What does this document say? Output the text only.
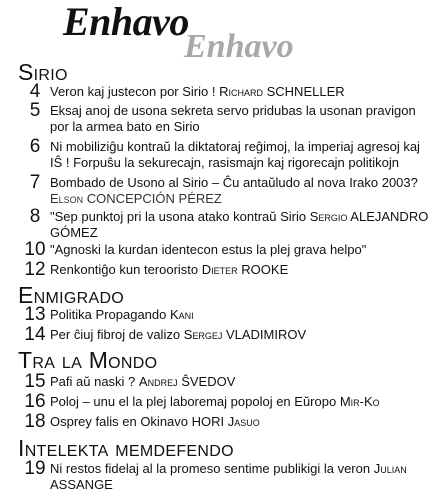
Enhavo
Enhavo
Sirio
4 Veron kaj justecon por Sirio ! Richard SCHNELLER
5 Eksaj anoj de usona sekreta servo pridubas la usonan pravigon por la armea bato en Sirio
6 Ni mobiliziĝu kontraŭ la diktatoraj reĝimoj, la imperiaj agresoj kaj IŜ ! Forpuŝu la sekurecajn, rasismajn kaj rigorecajn politikojn
7 Bombado de Usono al Sirio – Ĉu antaŭludo al nova Irako 2003?
Elson CONCEPCIÓN PÉREZ
8 "Sep punktoj pri la usona atako kontraŭ Sirio Sergio ALEJANDRO GÓMEZ
10 "Agnoski la kurdan identecon estus la plej grava helpo"
12 Renkontiĝo kun terooristo Dieter ROOKE
Enmigrado
13 Politika Propagando Kani
14 Per ĉiuj fibroj de valizo Sergej VLADIMIROV
Tra la Mondo
15 Pafi aŭ naski ? Andrej ŜVEDOV
16 Poloj – unu el la plej laboremaj popoloj en Eŭropo Mir-Ko
18 Osprey falis en Okinavo HORI Jasuo
Intelekta memdefendo
19 Ni restos fidelaj al la promeso sentime publikigi la veron Julian ASSANGE
